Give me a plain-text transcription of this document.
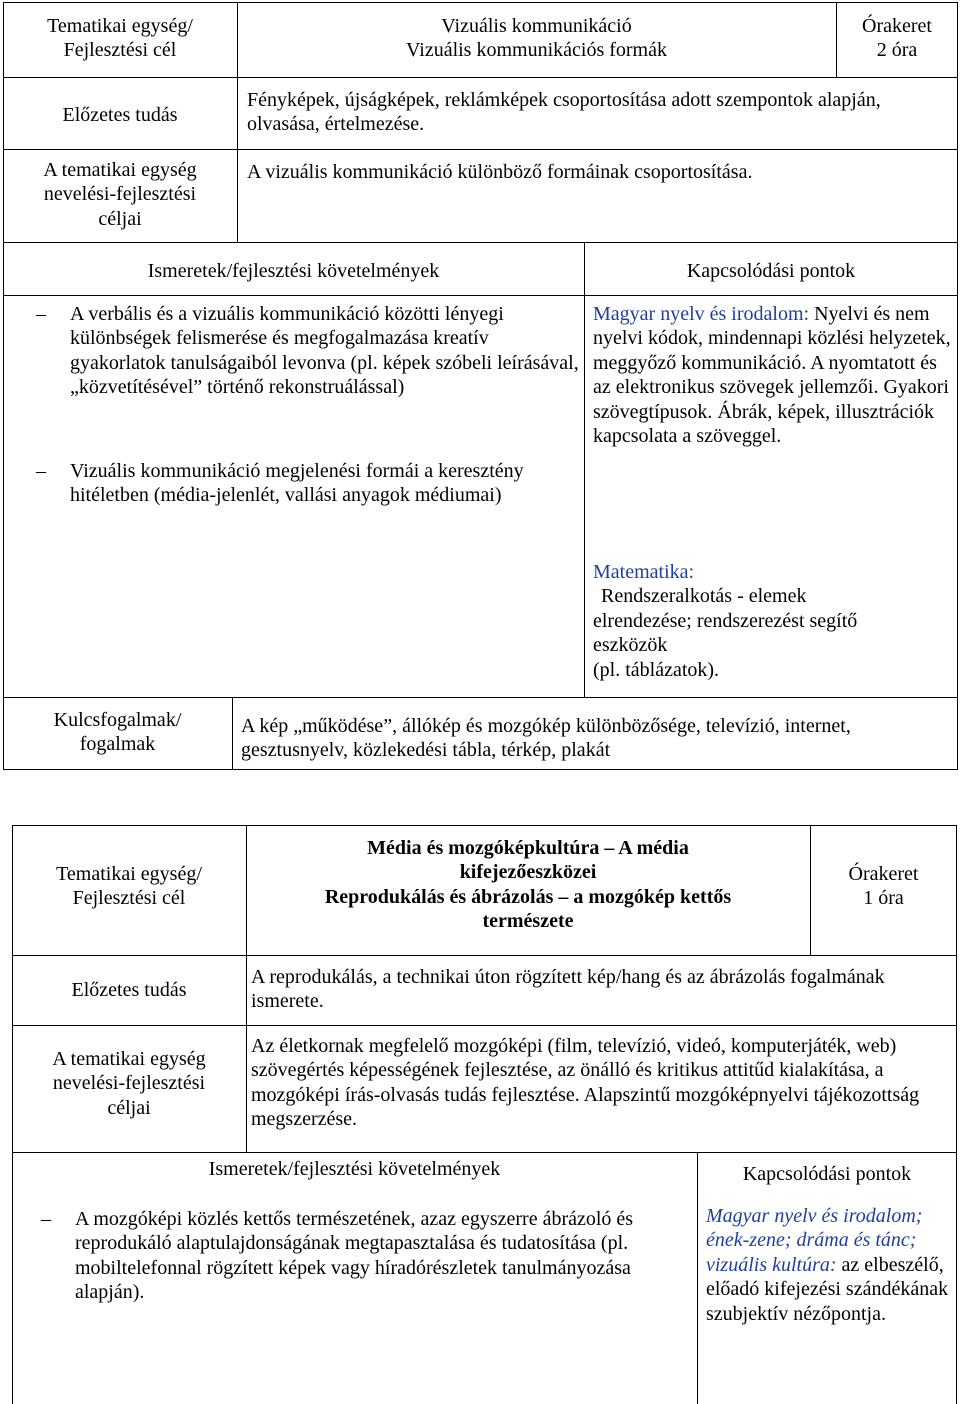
Tematikai egység/
Fejlesztési cél
Vizuális kommunikáció
Vizuális kommunikációs formák
Órakeret
2 óra
Előzetes tudás
Fényképek, újságképek, reklámképek csoportosítása adott szempontok alapján, olvasása, értelmezése.
A tematikai egység
nevelési-fejlesztési
céljai
A vizuális kommunikáció különböző formáinak csoportosítása.
Ismeretek/fejlesztési követelmények	Kapcsolódási pontok
– A verbális és a vizuális kommunikáció közötti lényegi különbségek felismerése és megfogalmazása kreatív gyakorlatok tanulságaiból levonva (pl. képek szóbeli leírásával, „közvetítésével” történő rekonstruálással)

– Vizuális kommunikáció megjelenési formái a keresztény hitéletben (média-jelenlét, vallási anyagok médiumai)

Magyar nyelv és irodalom: Nyelvi és nem nyelvi kódok, mindennapi közlési helyzetek, meggyőző kommunikáció. A nyomtatott és az elektronikus szövegek jellemzői. Gyakori szövegtípusok. Ábrák, képek, illusztrációk kapcsolata a szöveggel.
Matematika:
Rendszeralkotás - elemek
elrendezése; rendszerezést segítő
eszközök
(pl. táblázatok).
Kulcsfogalmak/
fogalmak
A kép „működése”, állókép és mozgókép különbözősége, televízió, internet, gesztusnyelv, közlekedési tábla, térkép, plakát
Tematikai egység/
Fejlesztési cél
Média és mozgóképkultúra – A média
kifejezőeszközei
Reprodukálás és ábrázolás – a mozgókép kettős
természete
Órakeret
1 óra
Előzetes tudás
A reprodukálás, a technikai úton rögzített kép/hang és az ábrázolás fogalmának ismerete.
A tematikai egység
nevelési-fejlesztési
céljai
Az életkornak megfelelő mozgóképi (film, televízió, videó, komputerjáték, web) szövegértés képességének fejlesztése, az önálló és kritikus attitűd kialakítása, a mozgóképi írás-olvasás tudás fejlesztése. Alapszintű mozgóképnyelvi tájékozottság megszerzése.
Ismeretek/fejlesztési követelmények	Kapcsolódási pontok
– A mozgóképi közlés kettős természetének, azaz egyszerre ábrázoló és reprodukáló alaptulajdonságának megtapasztalása és tudatosítása (pl. mobiltelefonnal rögzített képek vagy híradórészletek tanulmányozása alapján).

Magyar nyelv és irodalom; ének-zene; dráma és tánc; vizuális kultúra: az elbeszélő, előadó kifejezési szándékának szubjektív nézőpontja.
